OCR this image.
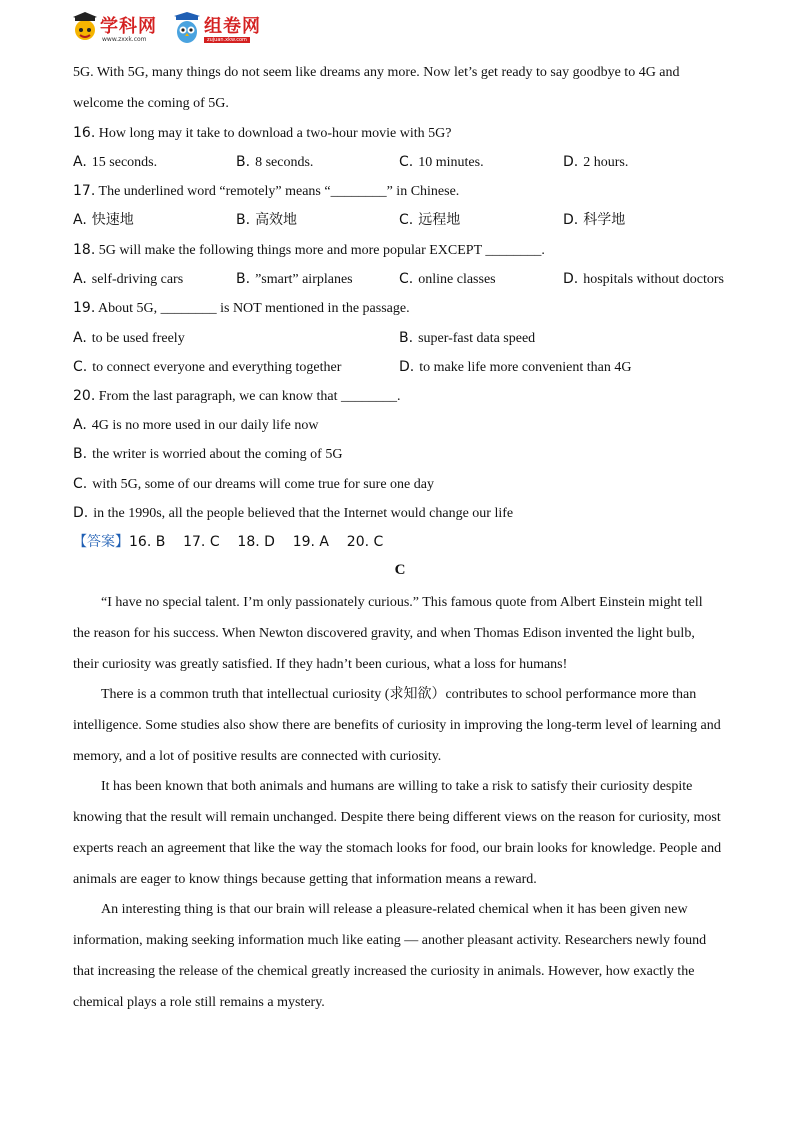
学科网
www.zxxk.com
组卷网
zujuan.xkw.com
5G. With 5G, many things do not seem like dreams any more. Now let’s get ready to say goodbye to 4G and
welcome the coming of 5G.
16. How long may it take to download a two-hour movie with 5G?
A. 15 seconds.	B. 8 seconds.	C. 10 minutes.	D. 2 hours.
17. The underlined word “remotely” means “________” in Chinese.
A. 快速地	B. 高效地	C. 远程地	D. 科学地
18. 5G will make the following things more and more popular EXCEPT ________.
A. self-driving cars	B. ”smart” airplanes	C. online classes	D. hospitals without doctors
19. About 5G, ________ is NOT mentioned in the passage.
A. to be used freely	B. super-fast data speed
C. to connect everyone and everything together	D. to make life more convenient than 4G
20. From the last paragraph, we can know that ________.
A. 4G is no more used in our daily life now
B. the writer is worried about the coming of 5G
C. with 5G, some of our dreams will come true for sure one day
D. in the 1990s, all the people believed that the Internet would change our life
【答案】16. B    17. C    18. D    19. A    20. C
C
“I have no special talent. I’m only passionately curious.” This famous quote from Albert Einstein might tell
the reason for his success. When Newton discovered gravity, and when Thomas Edison invented the light bulb,
their curiosity was greatly satisfied. If they hadn’t been curious, what a loss for humans!
There is a common truth that intellectual curiosity (求知欲）contributes to school performance more than
intelligence. Some studies also show there are benefits of curiosity in improving the long-term level of learning and
memory, and a lot of positive results are connected with curiosity.
It has been known that both animals and humans are willing to take a risk to satisfy their curiosity despite
knowing that the result will remain unchanged. Despite there being different views on the reason for curiosity, most
experts reach an agreement that like the way the stomach looks for food, our brain looks for knowledge. People and
animals are eager to know things because getting that information means a reward.
An interesting thing is that our brain will release a pleasure-related chemical when it has been given new
information, making seeking information much like eating — another pleasant activity. Researchers newly found
that increasing the release of the chemical greatly increased the curiosity in animals. However, how exactly the
chemical plays a role still remains a mystery.
